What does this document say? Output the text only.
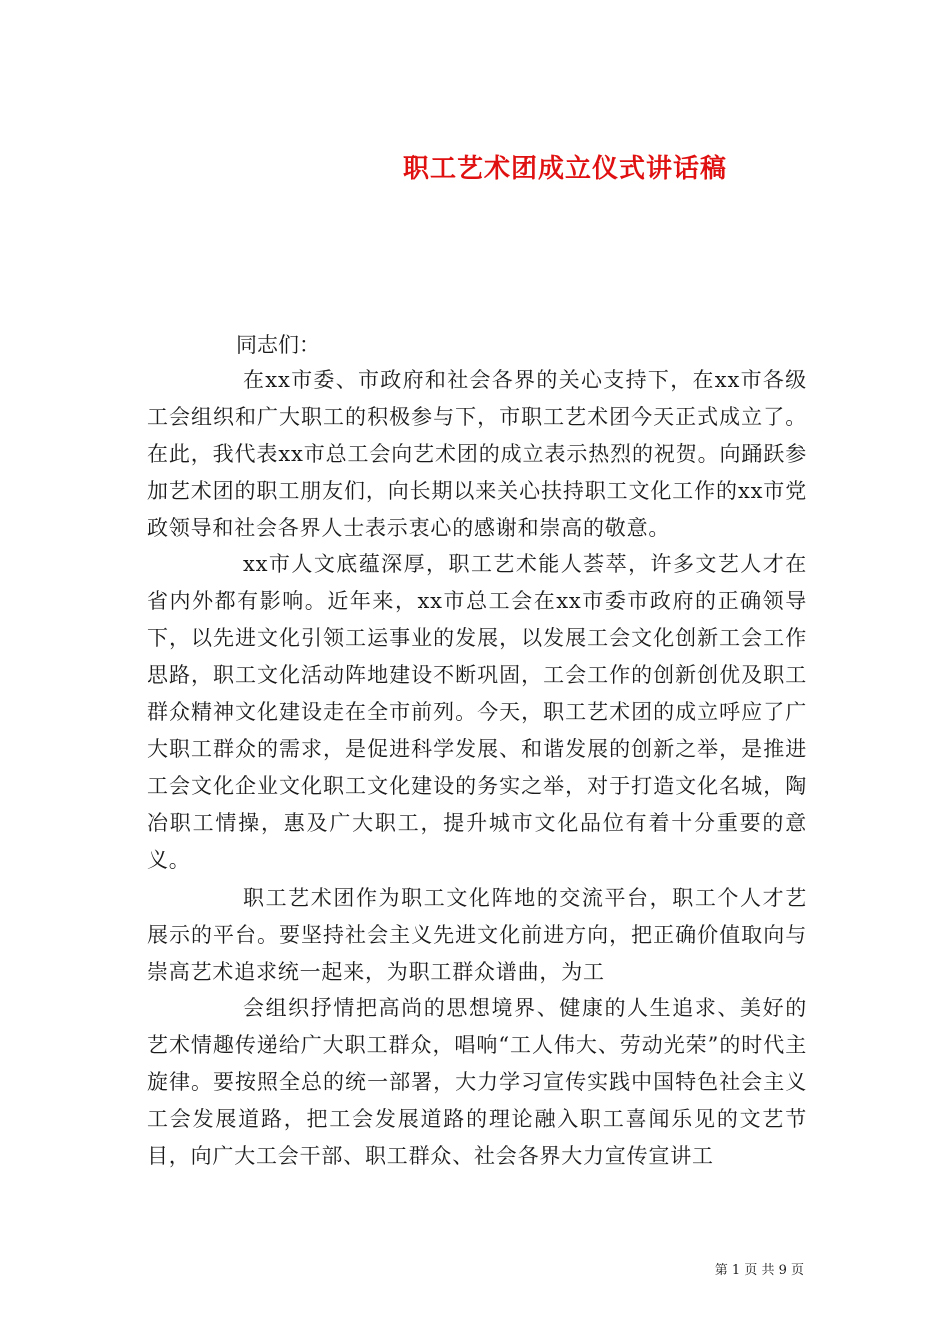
职工艺术团成立仪式讲话稿
同志们：

在xx市委、市政府和社会各界的关心支持下，在xx市各级工会组织和广大职工的积极参与下，市职工艺术团今天正式成立了。在此，我代表xx市总工会向艺术团的成立表示热烈的祝贺。向踊跃参加艺术团的职工朋友们，向长期以来关心扶持职工文化工作的xx市党政领导和社会各界人士表示衷心的感谢和崇高的敬意。

xx市人文底蕴深厚，职工艺术能人荟萃，许多文艺人才在省内外都有影响。近年来，xx市总工会在xx市委市政府的正确领导下，以先进文化引领工运事业的发展，以发展工会文化创新工会工作思路，职工文化活动阵地建设不断巩固，工会工作的创新创优及职工群众精神文化建设走在全市前列。今天，职工艺术团的成立呼应了广大职工群众的需求，是促进科学发展、和谐发展的创新之举，是推进工会文化企业文化职工文化建设的务实之举，对于打造文化名城，陶冶职工情操，惠及广大职工，提升城市文化品位有着十分重要的意义。

职工艺术团作为职工文化阵地的交流平台，职工个人才艺展示的平台。要坚持社会主义先进文化前进方向，把正确价值取向与崇高艺术追求统一起来，为职工群众谱曲，为工

会组织抒情把高尚的思想境界、健康的人生追求、美好的艺术情趣传递给广大职工群众，唱响“工人伟大、劳动光荣”的时代主旋律。要按照全总的统一部署，大力学习宣传实践中国特色社会主义工会发展道路，把工会发展道路的理论融入职工喜闻乐见的文艺节目，向广大工会干部、职工群众、社会各界大力宣传宣讲工

第 1 页 共 9 页
